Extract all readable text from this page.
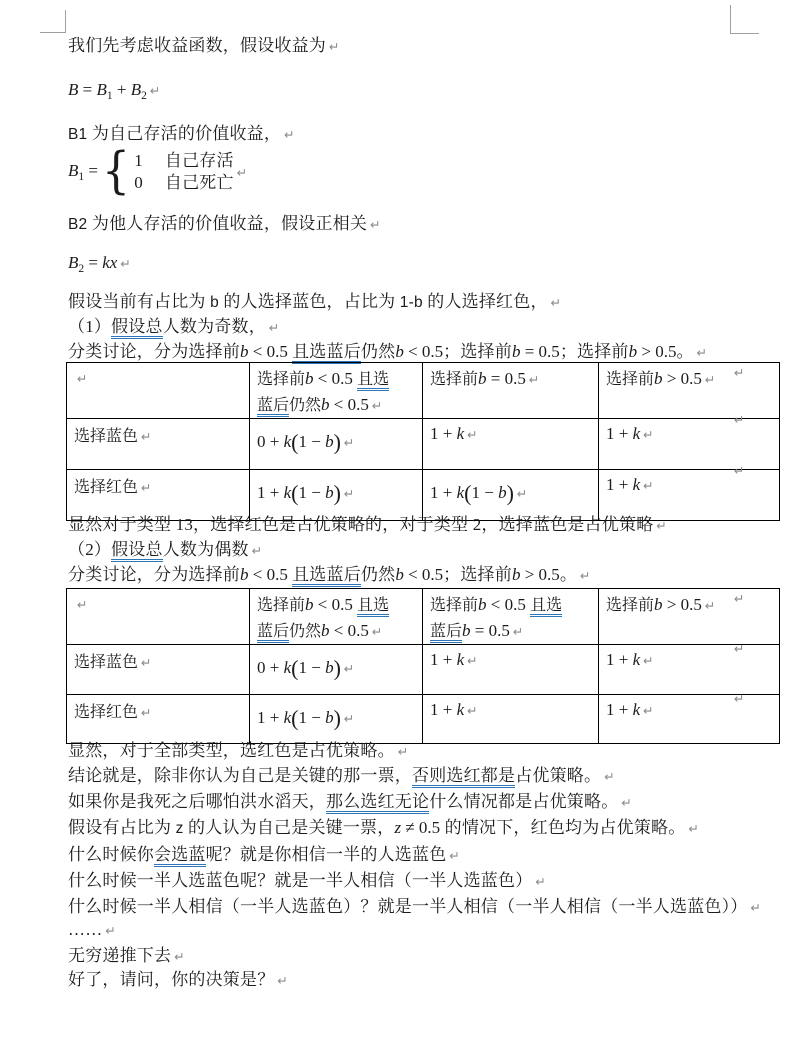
我们先考虑收益函数，假设收益为 ↵
$B = B_1 + B_2$ ↵
B1 为自己存活的价值收益， ↵
$B_1$ = { 1 自己存活
0 自己死亡
↵
B2 为他人存活的价值收益，假设正相关 ↵
$B_2$ = kx ↵
假设当前有占比为 b 的人选择蓝色，占比为 1-b 的人选择红色， ↵
（1）假设总人数为奇数， ↵
分类讨论，分为选择前b < 0.5 且选蓝后仍然b < 0.5；选择前b = 0.5；选择前b > 0.5。 ↵
↵	选择前b < 0.5 且选
蓝后仍然b < 0.5 ↵	选择前b = 0.5 ↵	选择前b > 0.5 ↵
选择蓝色 ↵	0 + k(1 − b) ↵	1 + k ↵	1 + k ↵
选择红色 ↵	1 + k(1 − b) ↵	1 + k(1 − b) ↵	1 + k ↵
↵
↵
↵
显然对于类型 13，选择红色是占优策略的，对于类型 2，选择蓝色是占优策略 ↵
（2）假设总人数为偶数 ↵
分类讨论，分为选择前b < 0.5 且选蓝后仍然b < 0.5；选择前b > 0.5。 ↵
↵	选择前b < 0.5 且选
蓝后仍然b < 0.5 ↵	选择前b < 0.5 且选
蓝后b = 0.5 ↵	选择前b > 0.5 ↵
选择蓝色 ↵	0 + k(1 − b) ↵	1 + k ↵	1 + k ↵
选择红色 ↵	1 + k(1 − b) ↵	1 + k ↵	1 + k ↵
↵
↵
↵
显然，对于全部类型，选红色是占优策略。 ↵
结论就是，除非你认为自己是关键的那一票，否则选红都是占优策略。 ↵
如果你是我死之后哪怕洪水滔天，那么选红无论什么情况都是占优策略。 ↵
假设有占比为 z 的人认为自己是关键一票，z ≠ 0.5 的情况下，红色均为占优策略。 ↵
什么时候你会选蓝呢？就是你相信一半的人选蓝色 ↵
什么时候一半人选蓝色呢？就是一半人相信（一半人选蓝色） ↵
什么时候一半人相信（一半人选蓝色）？就是一半人相信（一半人相信（一半人选蓝色）） ↵
…… ↵
无穷递推下去 ↵
好了，请问，你的决策是？ ↵
